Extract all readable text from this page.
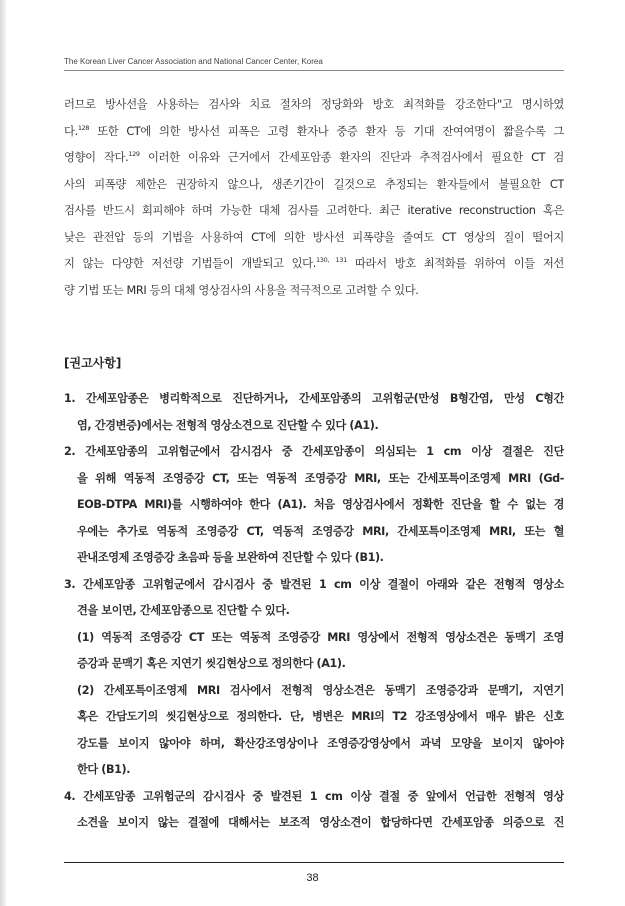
The Korean Liver Cancer Association and National Cancer Center, Korea
러므로 방사선을 사용하는 검사와 치료 절차의 정당화와 방호 최적화를 강조한다"고 명시하였
다.$^{128}$ 또한 CT에 의한 방사선 피폭은 고령 환자나 중증 환자 등 기대 잔여여명이 짧을수록 그
영향이 작다.$^{129}$ 이러한 이유와 근거에서 간세포암종 환자의 진단과 추적검사에서 필요한 CT 검
사의 피폭량 제한은 권장하지 않으나, 생존기간이 길것으로 추정되는 환자들에서 불필요한 CT
검사를 반드시 회피해야 하며 가능한 대체 검사를 고려한다. 최근 iterative reconstruction 혹은
낮은 관전압 등의 기법을 사용하여 CT에 의한 방사선 피폭량을 줄여도 CT 영상의 질이 떨어지
지 않는 다양한 저선량 기법들이 개발되고 있다.$^{130, 131}$ 따라서 방호 최적화를 위하여 이들 저선
량 기법 또는 MRI 등의 대체 영상검사의 사용을 적극적으로 고려할 수 있다.
[권고사항]
1. 간세포암종은 병리학적으로 진단하거나, 간세포암종의 고위험군(만성 B형간염, 만성 C형간
염, 간경변증)에서는 전형적 영상소견으로 진단할 수 있다 (A1).
2. 간세포암종의 고위험군에서 감시검사 중 간세포암종이 의심되는 1 cm 이상 결절은 진단
을 위해 역동적 조영증강 CT, 또는 역동적 조영증강 MRI, 또는 간세포특이조영제 MRI (Gd-
EOB-DTPA MRI)를 시행하여야 한다 (A1). 처음 영상검사에서 정확한 진단을 할 수 없는 경
우에는 추가로 역동적 조영증강 CT, 역동적 조영증강 MRI, 간세포특이조영제 MRI, 또는 혈
관내조영제 조영증강 초음파 등을 보완하여 진단할 수 있다 (B1).
3. 간세포암종 고위험군에서 감시검사 중 발견된 1 cm 이상 결절이 아래와 같은 전형적 영상소
견을 보이면, 간세포암종으로 진단할 수 있다.
(1) 역동적 조영증강 CT 또는 역동적 조영증강 MRI 영상에서 전형적 영상소견은 동맥기 조영
증강과 문맥기 혹은 지연기 씻김현상으로 정의한다 (A1).
(2) 간세포특이조영제 MRI 검사에서 전형적 영상소견은 동맥기 조영증강과 문맥기, 지연기
혹은 간담도기의 씻김현상으로 정의한다. 단, 병변은 MRI의 T2 강조영상에서 매우 밝은 신호
강도를 보이지 않아야 하며, 확산강조영상이나 조영증강영상에서 과녁 모양을 보이지 않아야
한다 (B1).
4. 간세포암종 고위험군의 감시검사 중 발견된 1 cm 이상 결절 중 앞에서 언급한 전형적 영상
소견을 보이지 않는 결절에 대해서는 보조적 영상소견이 합당하다면 간세포암종 의증으로 진
38
